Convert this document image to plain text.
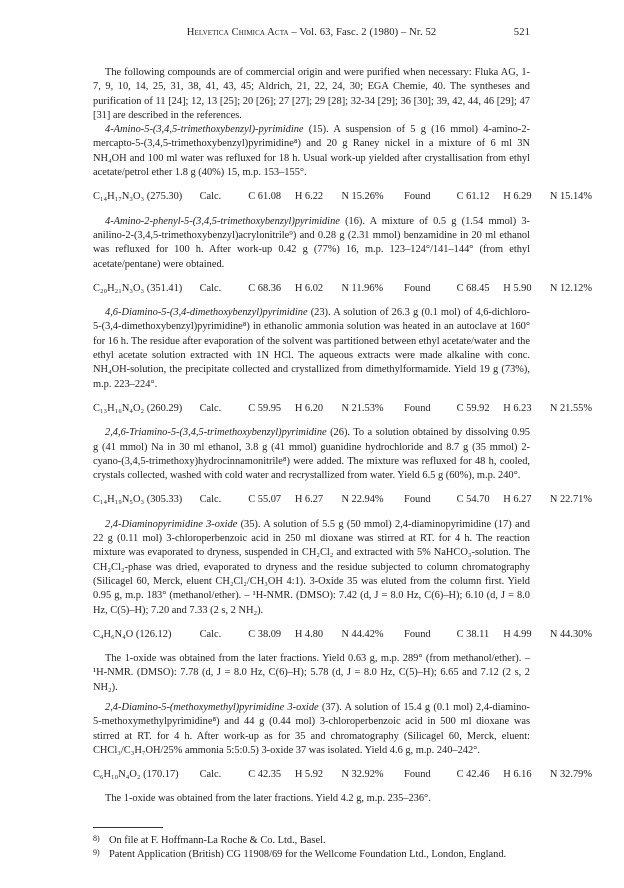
Helvetica Chimica Acta – Vol. 63, Fasc. 2 (1980) – Nr. 52	521

The following compounds are of commercial origin and were purified when necessary: Fluka AG, 1-7, 9, 10, 14, 25, 31, 38, 41, 43, 45; Aldrich, 21, 22, 24, 30; EGA Chemie, 40. The syntheses and purification of 11 [24]; 12, 13 [25]; 20 [26]; 27 [27]; 29 [28]; 32-34 [29]; 36 [30]; 39, 42, 44, 46 [29]; 47 [31] are described in the references.

4-Amino-5-(3,4,5-trimethoxybenzyl)-pyrimidine (15). A suspension of 5 g (16 mmol) 4-amino-2-mercapto-5-(3,4,5-trimethoxybenzyl)pyrimidine⁸) and 20 g Raney nickel in a mixture of 6 ml 3N NH₄OH and 100 ml water was refluxed for 18 h. Usual work-up yielded after crystallisation from ethyl acetate/petrol ether 1.8 g (40%) 15, m.p. 153–155°.

C₁₄H₁₇N₃O₃ (275.30) Calc.	C 61.08 H 6.22 N 15.26% Found	C 61.12 H 6.29 N 15.14%

4-Amino-2-phenyl-5-(3,4,5-trimethoxybenzyl)pyrimidine (16). A mixture of 0.5 g (1.54 mmol) 3-anilino-2-(3,4,5-trimethoxybenzyl)acrylonitrile⁹) and 0.28 g (2.31 mmol) benzamidine in 20 ml ethanol was refluxed for 100 h. After work-up 0.42 g (77%) 16, m.p. 123–124°/141–144° (from ethyl acetate/pentane) were obtained.

C₂₀H₂₁N₃O₃ (351.41) Calc.	C 68.36 H 6.02 N 11.96% Found	C 68.45 H 5.90 N 12.12%

4,6-Diamino-5-(3,4-dimethoxybenzyl)pyrimidine (23). A solution of 26.3 g (0.1 mol) of 4,6-dichloro-5-(3,4-dimethoxybenzyl)pyrimidine⁸) in ethanolic ammonia solution was heated in an autoclave at 160° for 16 h. The residue after evaporation of the solvent was partitioned between ethyl acetate/water and the ethyl acetate solution extracted with 1N HCl. The aqueous extracts were made alkaline with conc. NH₄OH-solution, the precipitate collected and crystallized from dimethylformamide. Yield 19 g (73%), m.p. 223–224°.

C₁₃H₁₆N₄O₂ (260.29) Calc.	C 59.95 H 6.20 N 21.53% Found	C 59.92 H 6.23 N 21.55%

2,4,6-Triamino-5-(3,4,5-trimethoxybenzyl)pyrimidine (26). To a solution obtained by dissolving 0.95 g (41 mmol) Na in 30 ml ethanol, 3.8 g (41 mmol) guanidine hydrochloride and 8.7 g (35 mmol) 2-cyano-(3,4,5-trimethoxy)hydrocinnamonitrile⁸) were added. The mixture was refluxed for 48 h, cooled, crystals collected, washed with cold water and recrystallized from water. Yield 6.5 g (60%), m.p. 240°.

C₁₄H₁₉N₅O₃ (305.33) Calc.	C 55.07 H 6.27 N 22.94% Found	C 54.70 H 6.27 N 22.71%

2,4-Diaminopyrimidine 3-oxide (35). A solution of 5.5 g (50 mmol) 2,4-diaminopyrimidine (17) and 22 g (0.11 mol) 3-chloroperbenzoic acid in 250 ml dioxane was stirred at RT. for 4 h. The reaction mixture was evaporated to dryness, suspended in CH₂Cl₂ and extracted with 5% NaHCO₃-solution. The CH₂Cl₂-phase was dried, evaporated to dryness and the residue subjected to column chromatography (Silicagel 60, Merck, eluent CH₂Cl₂/CH₃OH 4:1). 3-Oxide 35 was eluted from the column first. Yield 0.95 g, m.p. 183° (methanol/ether). – ¹H-NMR. (DMSO): 7.42 (d, J = 8.0 Hz, C(6)–H); 6.10 (d, J = 8.0 Hz, C(5)–H); 7.20 and 7.33 (2 s, 2 NH₂).

C₄H₆N₄O (126.12)	Calc.	C 38.09 H 4.80 N 44.42% Found	C 38.11 H 4.99 N 44.30%

The 1-oxide was obtained from the later fractions. Yield 0.63 g, m.p. 289° (from methanol/ether). – ¹H-NMR. (DMSO): 7.78 (d, J = 8.0 Hz, C(6)–H); 5.78 (d, J = 8.0 Hz, C(5)–H); 6.65 and 7.12 (2 s, 2 NH₂).

2,4-Diamino-5-(methoxymethyl)pyrimidine 3-oxide (37). A solution of 15.4 g (0.1 mol) 2,4-diamino-5-methoxymethylpyrimidine⁸) and 44 g (0.44 mol) 3-chloroperbenzoic acid in 500 ml dioxane was stirred at RT. for 4 h. After work-up as for 35 and chromatography (Silicagel 60, Merck, eluent: CHCl₃/C₃H₇OH/25% ammonia 5:5:0.5) 3-oxide 37 was isolated. Yield 4.6 g, m.p. 240–242°.

C₆H₁₀N₄O₂ (170.17) Calc.	C 42.35 H 5.92 N 32.92% Found	C 42.46 H 6.16 N 32.79%

The 1-oxide was obtained from the later fractions. Yield 4.2 g, m.p. 235–236°.

8) On file at F. Hoffmann-La Roche & Co. Ltd., Basel.
9) Patent Application (British) CG 11908/69 for the Wellcome Foundation Ltd., London, England.
